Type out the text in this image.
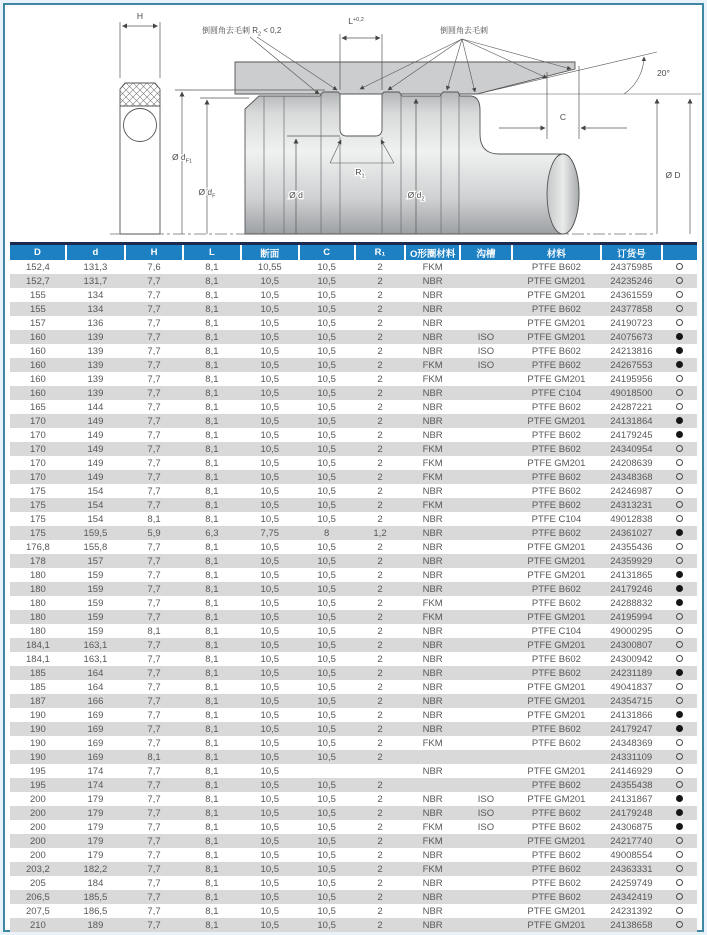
H	$L^{+0,2}$
倒圆角去毛刺 $R_2 < 0,2$	倒圆角去毛刺
20°
C
Ø D
Ø d	Ø $d_2$
Ø $d_{F1}$
Ø $d_F$
$R_1$
D	d	H	L	断面	C	R₁	O形圈材料	沟槽	材料	订货号	
152,4	131,3	7,6	8,1	10,55	10,5	2	FKM		PTFE B602	24375985	
152,7	131,7	7,7	8,1	10,5	10,5	2	NBR		PTFE GM201	24235246	
155	134	7,7	8,1	10,5	10,5	2	NBR		PTFE GM201	24361559	
155	134	7,7	8,1	10,5	10,5	2	NBR		PTFE B602	24377858	
157	136	7,7	8,1	10,5	10,5	2	NBR		PTFE GM201	24190723	
160	139	7,7	8,1	10,5	10,5	2	NBR	ISO	PTFE GM201	24075673	
160	139	7,7	8,1	10,5	10,5	2	NBR	ISO	PTFE B602	24213816	
160	139	7,7	8,1	10,5	10,5	2	FKM	ISO	PTFE B602	24267553	
160	139	7,7	8,1	10,5	10,5	2	FKM		PTFE GM201	24195956	
160	139	7,7	8,1	10,5	10,5	2	NBR		PTFE C104	49018500	
165	144	7,7	8,1	10,5	10,5	2	NBR		PTFE B602	24287221	
170	149	7,7	8,1	10,5	10,5	2	NBR		PTFE GM201	24131864	
170	149	7,7	8,1	10,5	10,5	2	NBR		PTFE B602	24179245	
170	149	7,7	8,1	10,5	10,5	2	FKM		PTFE B602	24340954	
170	149	7,7	8,1	10,5	10,5	2	FKM		PTFE GM201	24208639	
170	149	7,7	8,1	10,5	10,5	2	FKM		PTFE B602	24348368	
175	154	7,7	8,1	10,5	10,5	2	NBR		PTFE B602	24246987	
175	154	7,7	8,1	10,5	10,5	2	FKM		PTFE B602	24313231	
175	154	8,1	8,1	10,5	10,5	2	NBR		PTFE C104	49012838	
175	159,5	5,9	6,3	7,75	8	1,2	NBR		PTFE B602	24361027	
176,8	155,8	7,7	8,1	10,5	10,5	2	NBR		PTFE GM201	24355436	
178	157	7,7	8,1	10,5	10,5	2	NBR		PTFE GM201	24359929	
180	159	7,7	8,1	10,5	10,5	2	NBR		PTFE GM201	24131865	
180	159	7,7	8,1	10,5	10,5	2	NBR		PTFE B602	24179246	
180	159	7,7	8,1	10,5	10,5	2	FKM		PTFE B602	24288832	
180	159	7,7	8,1	10,5	10,5	2	FKM		PTFE GM201	24195994	
180	159	8,1	8,1	10,5	10,5	2	NBR		PTFE C104	49000295	
184,1	163,1	7,7	8,1	10,5	10,5	2	NBR		PTFE GM201	24300807	
184,1	163,1	7,7	8,1	10,5	10,5	2	NBR		PTFE B602	24300942	
185	164	7,7	8,1	10,5	10,5	2	NBR		PTFE B602	24231189	
185	164	7,7	8,1	10,5	10,5	2	NBR		PTFE GM201	49041837	
187	166	7,7	8,1	10,5	10,5	2	NBR		PTFE GM201	24354715	
190	169	7,7	8,1	10,5	10,5	2	NBR		PTFE GM201	24131866	
190	169	7,7	8,1	10,5	10,5	2	NBR		PTFE B602	24179247	
190	169	7,7	8,1	10,5	10,5	2	FKM		PTFE B602	24348369	
190	169	8,1	8,1	10,5	10,5	2				24331109	
195	174	7,7	8,1	10,5			NBR		PTFE GM201	24146929	
195	174	7,7	8,1	10,5	10,5	2			PTFE B602	24355438	
200	179	7,7	8,1	10,5	10,5	2	NBR	ISO	PTFE GM201	24131867	
200	179	7,7	8,1	10,5	10,5	2	NBR	ISO	PTFE B602	24179248	
200	179	7,7	8,1	10,5	10,5	2	FKM	ISO	PTFE B602	24306875	
200	179	7,7	8,1	10,5	10,5	2	FKM		PTFE GM201	24217740	
200	179	7,7	8,1	10,5	10,5	2	NBR		PTFE B602	49008554	
203,2	182,2	7,7	8,1	10,5	10,5	2	FKM		PTFE B602	24363331	
205	184	7,7	8,1	10,5	10,5	2	NBR		PTFE B602	24259749	
206,5	185,5	7,7	8,1	10,5	10,5	2	NBR		PTFE B602	24342419	
207,5	186,5	7,7	8,1	10,5	10,5	2	NBR		PTFE GM201	24231392	
210	189	7,7	8,1	10,5	10,5	2	NBR		PTFE GM201	24138658	
